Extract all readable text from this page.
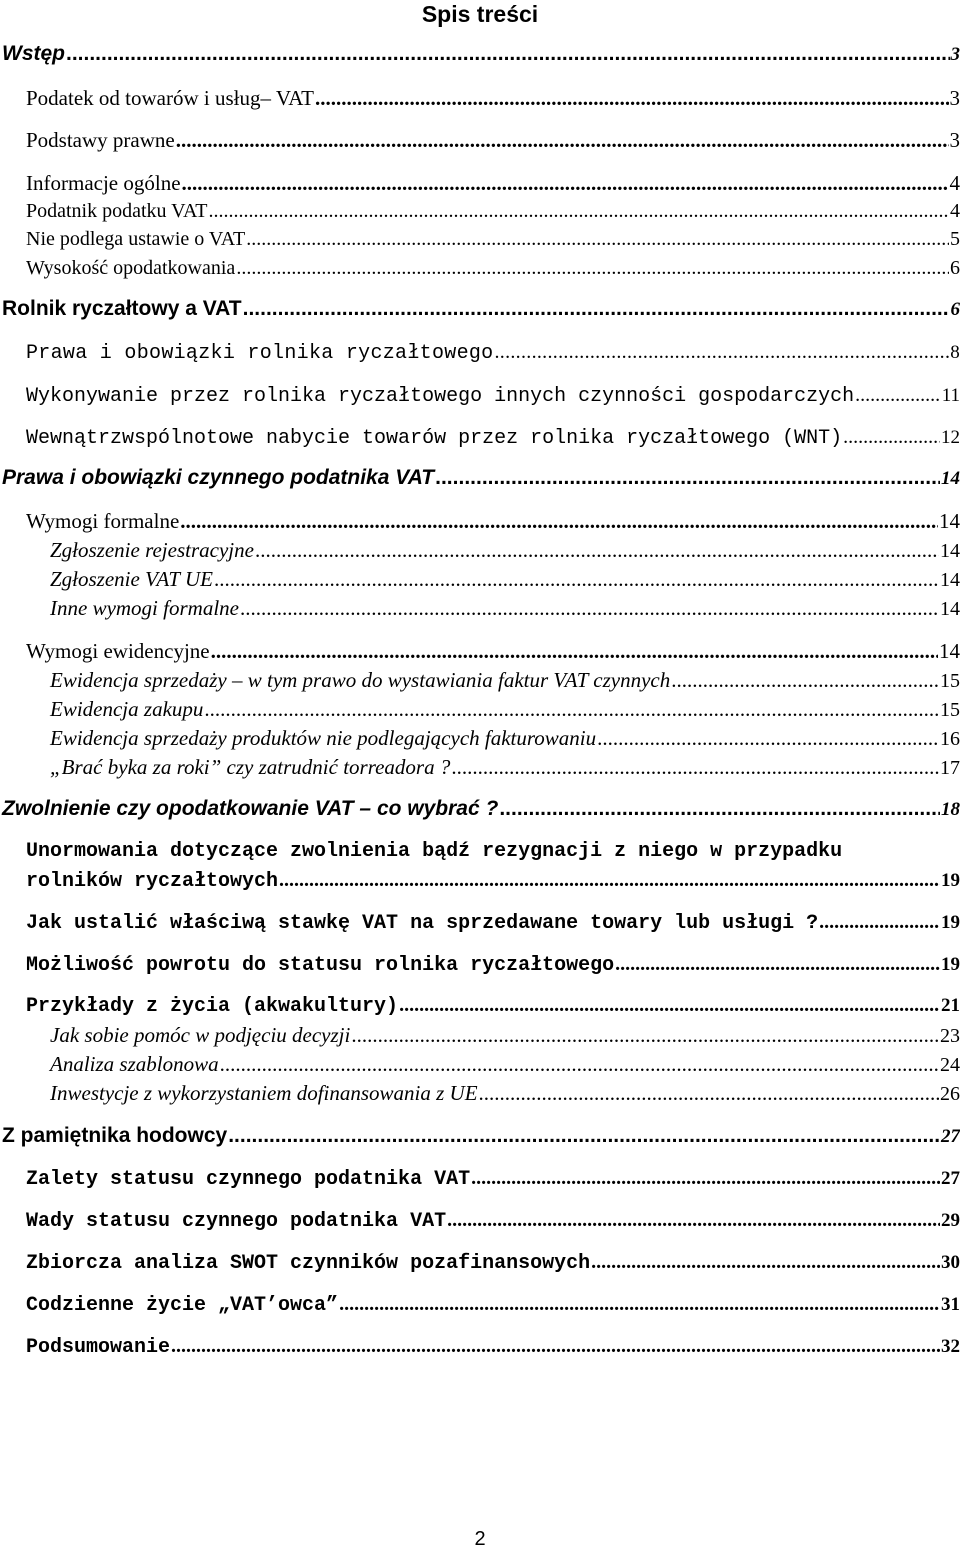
Spis treści
Wstęp .....	3
Podatek od towarów i usług– VAT .....	3
Podstawy prawne .....	3
Informacje ogólne .....	4
Podatnik podatku VAT .....	4
Nie podlega ustawie o VAT .....	5
Wysokość opodatkowania .....	6
Rolnik ryczałtowy a VAT .....	6
Prawa i obowiązki rolnika ryczałtowego .....	8
Wykonywanie przez rolnika ryczałtowego innych czynności gospodarczych .....	11
Wewnątrzwspólnotowe nabycie towarów przez rolnika ryczałtowego (WNT) .....	12
Prawa i obowiązki czynnego podatnika VAT .....	14
Wymogi formalne .....	14
Zgłoszenie rejestracyjne .....	14
Zgłoszenie VAT UE .....	14
Inne wymogi formalne .....	14
Wymogi ewidencyjne .....	14
Ewidencja sprzedaży – w tym prawo do wystawiania faktur VAT czynnych .....	15
Ewidencja zakupu .....	15
Ewidencja sprzedaży produktów nie podlegających fakturowaniu .....	16
„Brać byka za roki” czy zatrudnić torreadora ? .....	17
Zwolnienie czy opodatkowanie VAT – co wybrać ? .....	18
Unormowania dotyczące zwolnienia bądź rezygnacji z niego w przypadku
rolników ryczałtowych .....	19
Jak ustalić właściwą stawkę VAT na sprzedawane towary lub usługi ? .....	19
Możliwość powrotu do statusu rolnika ryczałtowego .....	19
Przykłady z życia (akwakultury) .....	21
Jak sobie pomóc w podjęciu decyzji .....	23
Analiza szablonowa .....	24
Inwestycje z wykorzystaniem dofinansowania z UE .....	26
Z pamiętnika hodowcy .....	27
Zalety statusu czynnego podatnika VAT .....	27
Wady statusu czynnego podatnika VAT .....	29
Zbiorcza analiza SWOT czynników pozafinansowych .....	30
Codzienne życie „VAT’owca” .....	31
Podsumowanie .....	32
2
